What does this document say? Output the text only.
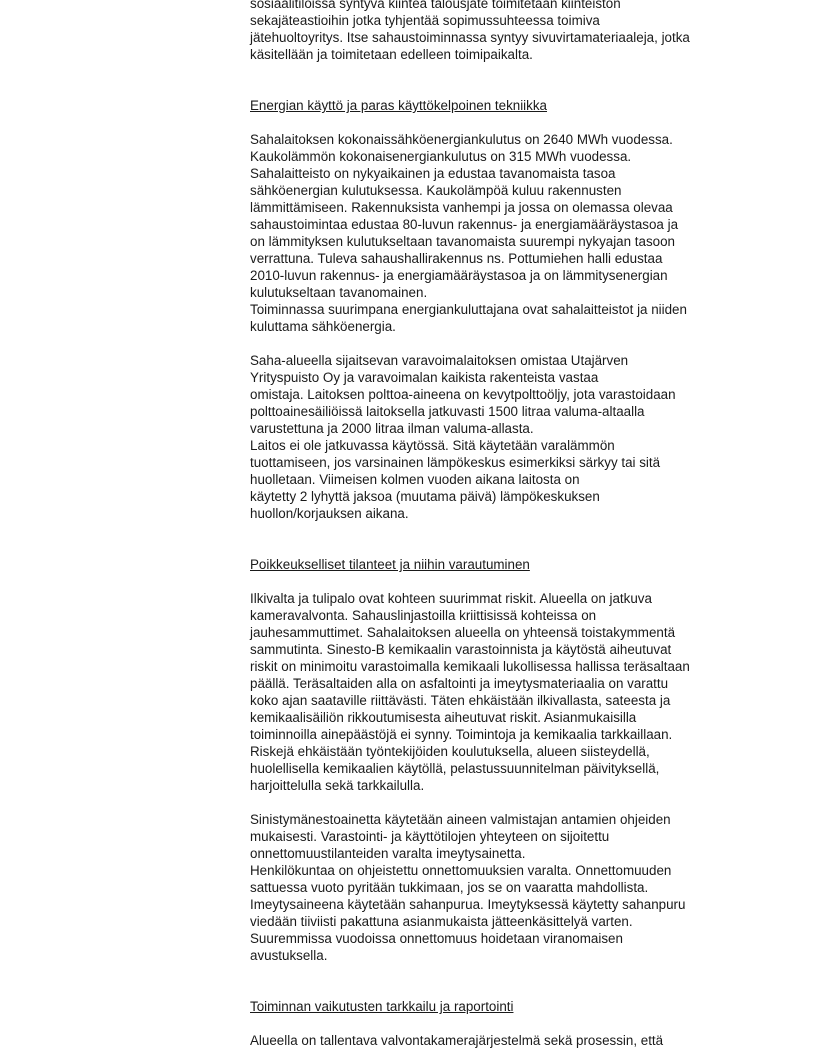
sosiaalitiloissa syntyvä kiinteä talousjäte toimitetaan kiinteistön
sekajäteastioihin jotka tyhjentää sopimussuhteessa toimiva
jätehuoltoyritys. Itse sahaustoiminnassa syntyy sivuvirtamateriaaleja, jotka
käsitellään ja toimitetaan edelleen toimipaikalta.
Energian käyttö ja paras käyttökelpoinen tekniikka
Sahalaitoksen kokonaissähköenergiankulutus on 2640 MWh vuodessa.
Kaukolämmön kokonaisenergiankulutus on 315 MWh vuodessa.
Sahalaitteisto on nykyaikainen ja edustaa tavanomaista tasoa
sähköenergian kulutuksessa. Kaukolämpöä kuluu rakennusten
lämmittämiseen. Rakennuksista vanhempi ja jossa on olemassa olevaa
sahaustoimintaa edustaa 80-luvun rakennus- ja energiamääräystasoa ja
on lämmityksen kulutukseltaan tavanomaista suurempi nykyajan tasoon
verrattuna. Tuleva sahaushallirakennus ns. Pottumiehen halli edustaa
2010-luvun rakennus- ja energiamääräystasoa ja on lämmitysenergian
kulutukseltaan tavanomainen.
Toiminnassa suurimpana energiankuluttajana ovat sahalaitteistot ja niiden
kuluttama sähköenergia.
Saha-alueella sijaitsevan varavoimalaitoksen omistaa Utajärven
Yrityspuisto Oy ja varavoimalan kaikista rakenteista vastaa
omistaja. Laitoksen polttoa-aineena on kevytpolttoöljy, jota varastoidaan
polttoainesäiliöissä laitoksella jatkuvasti 1500 litraa valuma-altaalla
varustettuna ja 2000 litraa ilman valuma-allasta.
Laitos ei ole jatkuvassa käytössä. Sitä käytetään varalämmön
tuottamiseen, jos varsinainen lämpökeskus esimerkiksi särkyy tai sitä
huolletaan. Viimeisen kolmen vuoden aikana laitosta on
käytetty 2 lyhyttä jaksoa (muutama päivä) lämpökeskuksen
huollon/korjauksen aikana.
Poikkeukselliset tilanteet ja niihin varautuminen
Ilkivalta ja tulipalo ovat kohteen suurimmat riskit. Alueella on jatkuva
kameravalvonta. Sahauslinjastoilla kriittisissä kohteissa on
jauhesammuttimet. Sahalaitoksen alueella on yhteensä toistakymmentä
sammutinta. Sinesto-B kemikaalin varastoinnista ja käytöstä aiheutuvat
riskit on minimoitu varastoimalla kemikaali lukollisessa hallissa teräsaltaan
päällä. Teräsaltaiden alla on asfaltointi ja imeytysmateriaalia on varattu
koko ajan saataville riittävästi. Täten ehkäistään ilkivallasta, sateesta ja
kemikaalisäiliön rikkoutumisesta aiheutuvat riskit. Asianmukaisilla
toiminnoilla ainepäästöjä ei synny. Toimintoja ja kemikaalia tarkkaillaan.
Riskejä ehkäistään työntekijöiden koulutuksella, alueen siisteydellä,
huolellisella kemikaalien käytöllä, pelastussuunnitelman päivityksellä,
harjoittelulla sekä tarkkailulla.
Sinistymänestoainetta käytetään aineen valmistajan antamien ohjeiden
mukaisesti. Varastointi- ja käyttötilojen yhteyteen on sijoitettu
onnettomuustilanteiden varalta imeytysainetta.
Henkilökuntaa on ohjeistettu onnettomuuksien varalta. Onnettomuuden
sattuessa vuoto pyritään tukkimaan, jos se on vaaratta mahdollista.
Imeytysaineena käytetään sahanpurua. Imeytyksessä käytetty sahanpuru
viedään tiiviisti pakattuna asianmukaista jätteenkäsittelyä varten.
Suuremmissa vuodoissa onnettomuus hoidetaan viranomaisen
avustuksella.
Toiminnan vaikutusten tarkkailu ja raportointi
Alueella on tallentava valvontakamerajärjestelmä sekä prosessin, että
